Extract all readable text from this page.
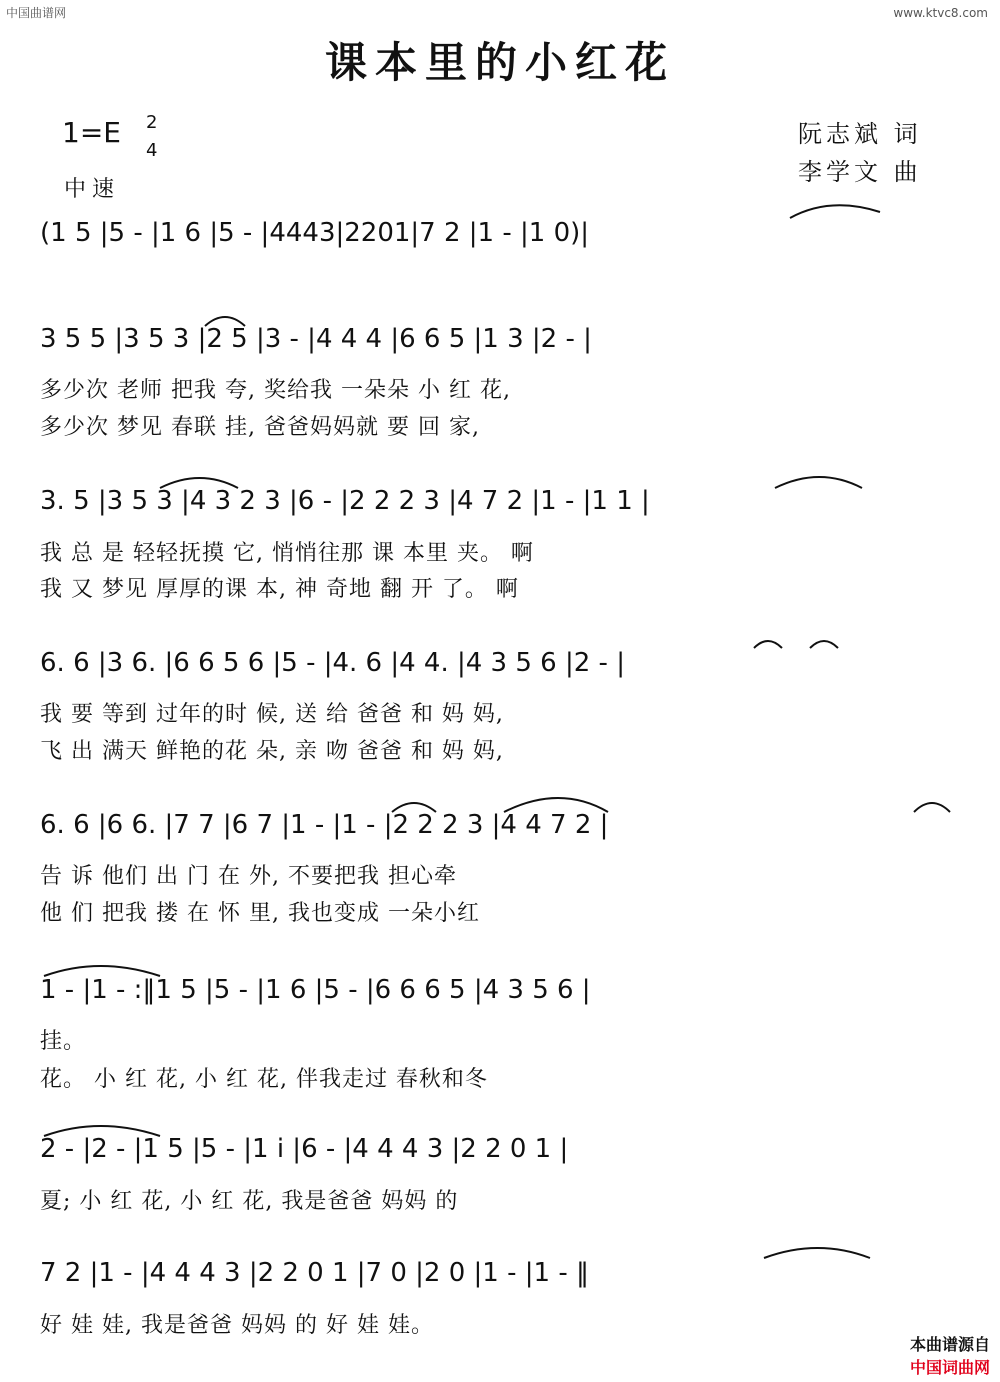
中国曲谱网	www.ktvc8.com
课本里的小红花
1=E 2
4
中速
阮志斌 词
李学文 曲
(1 5 |5 - |1 6 |5 - |4443|2201|7 2 |1 - |1 0)|
3 5 5 |3 5 3 |2 5 |3 - |4 4 4 |6 6 5 |1 3 |2 - |
多少次 老师 把我 夸, 奖给我 一朵朵 小 红 花,
多少次 梦见 春联 挂, 爸爸妈妈就 要 回 家,
3. 5 |3 5 3 |4 3 2 3 |6 - |2 2 2 3 |4 7 2 |1 - |1 1 |
我 总 是 轻轻抚摸 它, 悄悄往那 课 本里 夹。 啊
我 又 梦见 厚厚的课 本, 神 奇地 翻 开 了。 啊
6. 6 |3 6. |6 6 5 6 |5 - |4. 6 |4 4. |4 3 5 6 |2 - |
我 要 等到 过年的时 候, 送 给 爸爸 和 妈 妈,
飞 出 满天 鲜艳的花 朵, 亲 吻 爸爸 和 妈 妈,
6. 6 |6 6. |7 7 |6 7 |1 - |1 - |2 2 2 3 |4 4 7 2 |
告 诉 他们 出 门 在 外, 不要把我 担心牵
他 们 把我 搂 在 怀 里, 我也变成 一朵小红
1 - |1 - :‖1 5 |5 - |1 6 |5 - |6 6 6 5 |4 3 5 6 |
挂。
花。 小 红 花, 小 红 花, 伴我走过 春秋和冬
2 - |2 - |1 5 |5 - |1 i |6 - |4 4 4 3 |2 2 0 1 |
夏; 小 红 花, 小 红 花, 我是爸爸 妈妈 的
7 2 |1 - |4 4 4 3 |2 2 0 1 |7 0 |2 0 |1 - |1 - ‖
好 娃 娃, 我是爸爸 妈妈 的 好 娃 娃。

本曲谱源自
中国词曲网
